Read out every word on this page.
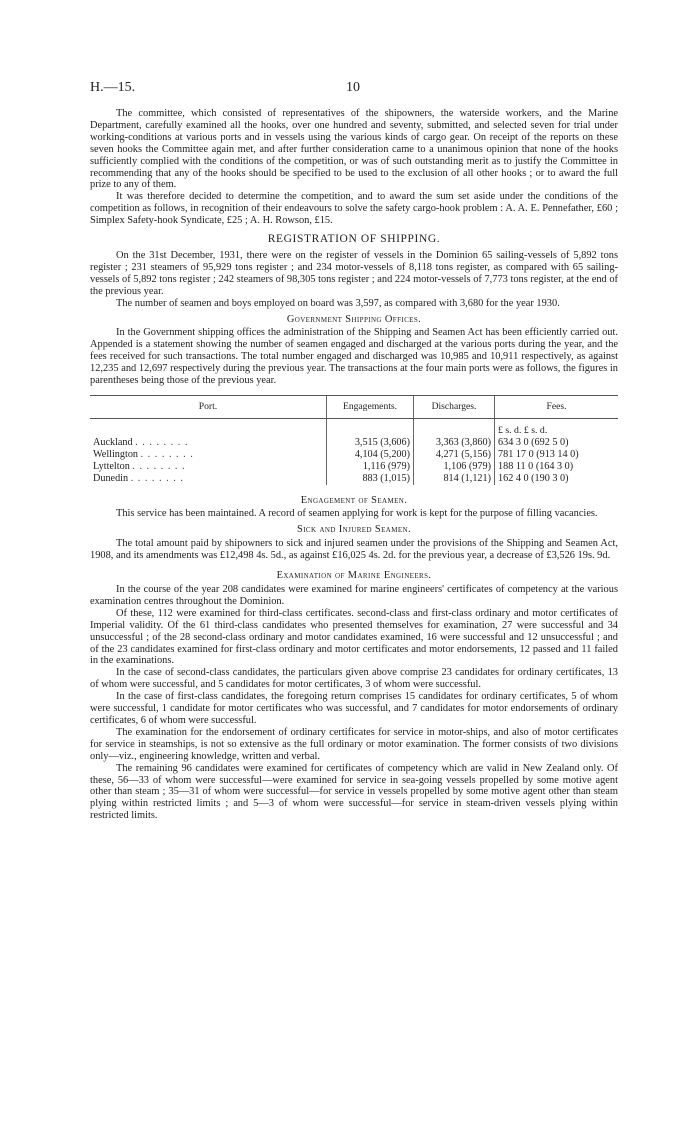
H.—15.	10

The committee, which consisted of representatives of the shipowners, the waterside workers, and the Marine Department, carefully examined all the hooks, over one hundred and seventy, submitted, and selected seven for trial under working-conditions at various ports and in vessels using the various kinds of cargo gear. On receipt of the reports on these seven hooks the Committee again met, and after further consideration came to a unanimous opinion that none of the hooks sufficiently complied with the conditions of the competition, or was of such outstanding merit as to justify the Committee in recommending that any of the hooks should be specified to be used to the exclusion of all other hooks ; or to award the full prize to any of them.

It was therefore decided to determine the competition, and to award the sum set aside under the conditions of the competition as follows, in recognition of their endeavours to solve the safety cargo-hook problem : A. A. E. Pennefather, £60 ; Simplex Safety-hook Syndicate, £25 ; A. H. Rowson, £15.

REGISTRATION OF SHIPPING.

On the 31st December, 1931, there were on the register of vessels in the Dominion 65 sailing-vessels of 5,892 tons register ; 231 steamers of 95,929 tons register ; and 234 motor-vessels of 8,118 tons register, as compared with 65 sailing-vessels of 5,892 tons register ; 242 steamers of 98,305 tons register ; and 224 motor-vessels of 7,773 tons register, at the end of the previous year.

The number of seamen and boys employed on board was 3,597, as compared with 3,680 for the year 1930.

Government Shipping Offices.

In the Government shipping offices the administration of the Shipping and Seamen Act has been efficiently carried out. Appended is a statement showing the number of seamen engaged and discharged at the various ports during the year, and the fees received for such transactions. The total number engaged and discharged was 10,985 and 10,911 respectively, as against 12,235 and 12,697 respectively during the previous year. The transactions at the four main ports were as follows, the figures in parentheses being those of the previous year.

Port.	Engagements.	Discharges.	Fees.
			£ s. d. £ s. d.
Auckland . . . . . . . .	3,515 (3,606)	3,363 (3,860)	634 3 0 (692 5 0)
Wellington . . . . . . . .	4,104 (5,200)	4,271 (5,156)	781 17 0 (913 14 0)
Lyttelton . . . . . . . .	1,116 (979)	1,106 (979)	188 11 0 (164 3 0)
Dunedin . . . . . . . .	883 (1,015)	814 (1,121)	162 4 0 (190 3 0)
Engagement of Seamen.

This service has been maintained. A record of seamen applying for work is kept for the purpose of filling vacancies.

Sick and Injured Seamen.

The total amount paid by shipowners to sick and injured seamen under the provisions of the Shipping and Seamen Act, 1908, and its amendments was £12,498 4s. 5d., as against £16,025 4s. 2d. for the previous year, a decrease of £3,526 19s. 9d.

Examination of Marine Engineers.

In the course of the year 208 candidates were examined for marine engineers' certificates of competency at the various examination centres throughout the Dominion.

Of these, 112 were examined for third-class certificates. second-class and first-class ordinary and motor certificates of Imperial validity. Of the 61 third-class candidates who presented themselves for examination, 27 were successful and 34 unsuccessful ; of the 28 second-class ordinary and motor candidates examined, 16 were successful and 12 unsuccessful ; and of the 23 candidates examined for first-class ordinary and motor certificates and motor endorsements, 12 passed and 11 failed in the examinations.

In the case of second-class candidates, the particulars given above comprise 23 candidates for ordinary certificates, 13 of whom were successful, and 5 candidates for motor certificates, 3 of whom were successful.

In the case of first-class candidates, the foregoing return comprises 15 candidates for ordinary certificates, 5 of whom were successful, 1 candidate for motor certificates who was successful, and 7 candidates for motor endorsements of ordinary certificates, 6 of whom were successful.

The examination for the endorsement of ordinary certificates for service in motor-ships, and also of motor certificates for service in steamships, is not so extensive as the full ordinary or motor examination. The former consists of two divisions only—viz., engineering knowledge, written and verbal.

The remaining 96 candidates were examined for certificates of competency which are valid in New Zealand only. Of these, 56—33 of whom were successful—were examined for service in sea-going vessels propelled by some motive agent other than steam ; 35—31 of whom were successful—for service in vessels propelled by some motive agent other than steam plying within restricted limits ; and 5—3 of whom were successful—for service in steam-driven vessels plying within restricted limits.
